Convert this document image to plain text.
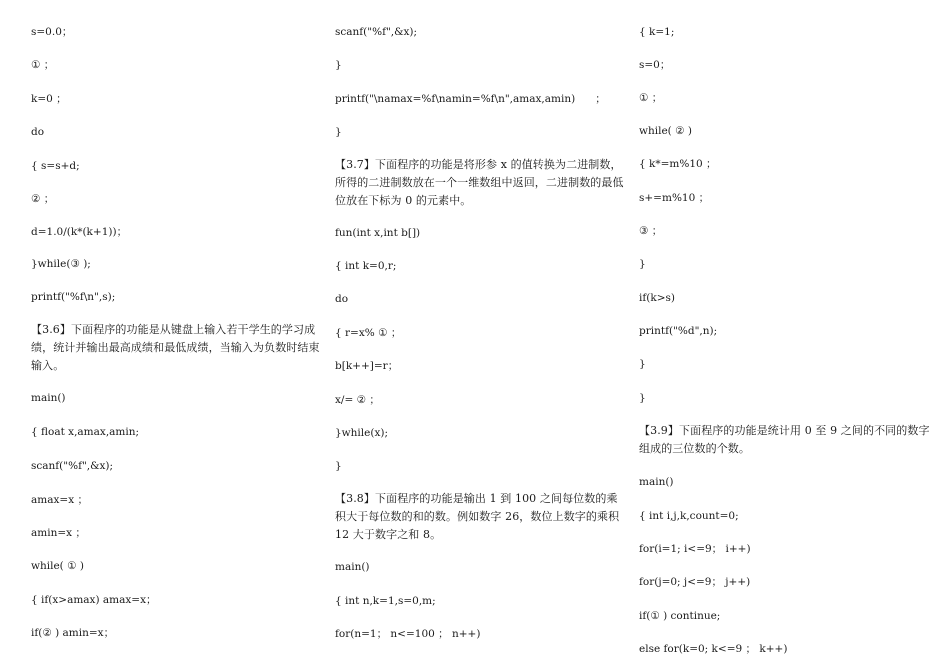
s=0.0；
① ；
k=0 ；
do
{ s=s+d;
② ；
d=1.0/(k*(k+1))；
}while(③ );
printf("%f\n",s);
【3.6】下面程序的功能是从键盘上输入若干学生的学习成绩，统计并输出最高成绩和最低成绩，当输入为负数时结束输入。
main()
{ float x,amax,amin;
scanf("%f",&x);
amax=x ；
amin=x ；
while( ① )
{ if(x>amax) amax=x；
if(② ) amin=x；
scanf("%f",&x);
}
printf("\namax=%f\namin=%f\n",amax,amin)      ；
}
【3.7】下面程序的功能是将形参 x 的值转换为二进制数，所得的二进制数放在一个一维数组中返回，二进制数的最低位放在下标为 0 的元素中。
fun(int x,int b[])
{ int k=0,r;
do
{ r=x% ① ；
b[k++]=r；
x/= ② ；
}while(x);
}
【3.8】下面程序的功能是输出 1 到 100 之间每位数的乘积大于每位数的和的数。例如数字 26，数位上数字的乘积 12 大于数字之和 8。
main()
{ int n,k=1,s=0,m;
for(n=1； n<=100 ； n++)
{ k=1;
s=0；
① ；
while( ② )
{ k*=m%10 ；
s+=m%10 ；
③ ；
}
if(k>s)
printf("%d",n);
}
}
【3.9】下面程序的功能是统计用 0 至 9 之间的不同的数字组成的三位数的个数。
main()
{ int i,j,k,count=0;
for(i=1; i<=9； i++)
for(j=0; j<=9； j++)
if(① ) continue;
else for(k=0; k<=9 ； k++)
